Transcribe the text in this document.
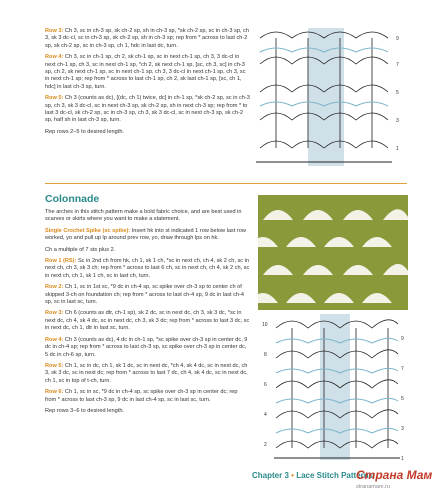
Row 3: Ch 3, sc in ch-3 sp, sk ch-2 sp, sh in ch-3 sp, *sk ch-2 sp, sc in ch-3 sp, ch 3, sk 3 dc-cl, sc in ch-3 sp, sk ch-2 sp, sh in ch-3 sp; rep from * across to last ch-2 sp, sk ch-2 sp, sc in ch-3 sp, ch 1, hdc in last dc, turn.

Row 4: Ch 3, sc in ch-1 sp, ch 2, sk ch-1 sp, sc in next ch-1 sp, ch 3, 3 dc-cl in next ch-1 sp, ch 3, sc in next ch-1 sp, *ch 2, sk next ch-1 sp, [sc, ch 3, sc] in ch-3 sp, ch 2, sk next ch-1 sp, sc in next ch-1 sp, ch 3, 3 dc-cl in next ch-1 sp, ch 3, sc in next ch-1 sp; rep from * across to last ch-1 sp, ch 2, sk last ch-1 sp, [sc, ch 1, hdc] in last ch-3 sp, turn.

Row 5: Ch 3 (counts as dc), [(dc, ch 1) twice, dc] in ch-1 sp, *sk ch-2 sp, sc in ch-3 sp, ch 3, sk 3 dc-cl, sc in next ch-3 sp, sk ch-2 sp, sh in next ch-3 sp; rep from * to last 3 dc-cl, sk ch-2 sp, sc in ch-3 sp, ch 3, sk 3 dc-cl, sc in next ch-3 sp, sk ch-2 sp, half sh in last ch-3 sp, turn.

Rep rows 2–5 to desired length.

9
7
5
3
1
Colonnade

The arches in this stitch pattern make a bold fabric choice, and are best used in scarves or skirts where you want to make a statement.

Single Crochet Spike (sc spike): Insert hk into st indicated 1 row below last row worked, yo and pull up lp around prev row, yo, draw through lps on hk.

Ch a multiple of 7 sts plus 2.

Row 1 (RS): Sc in 2nd ch from hk, ch 1, sk 1 ch, *sc in next ch, ch 4, sk 2 ch, sc in next ch, ch 3, sk 3 ch; rep from * across to last 6 ch, sc in next ch, ch 4, sk 2 ch, sc in next ch, ch 1, sk 1 ch, sc in last ch, turn.

Row 2: Ch 1, sc in 1st sc, *9 dc in ch-4 sp, sc spike over ch-3 sp to center ch of skipped 3-ch on foundation ch; rep from * across to last ch-4 sp, 9 dc in last ch-4 sp, sc in last sc, turn.

Row 3: Ch 6 (counts as dtr, ch-1 sp), sk 2 dc, sc in next dc, ch 3, sk 3 dc, *sc in next dc, ch 4, sk 4 dc, sc in next dc, ch 3, sk 3 dc; rep from * across to last 3 dc, sc in next dc, ch 1, dtr in last sc, turn.

Row 4: Ch 3 (counts as dc), 4 dc in ch-1 sp, *sc spike over ch-3 sp in center dc, 9 dc in ch-4 sp; rep from * across to last ch-3 sp, sc spike over ch-3 sp in center dc, 5 dc in ch-6 sp, turn.

Row 5: Ch 1, sc in dc, ch 1, sk 1 dc, sc in next dc, *ch 4, sk 4 dc, sc in next dc, ch 3, sk 3 dc, sc in next dc; rep from * across to last 7 dc, ch 4, sk 4 dc, sc in next dc, ch 1, sc in top of t-ch, turn.

Row 6: Ch 1, sc in sc, *9 dc in ch-4 sp, sc spike over ch-3 sp in center dc; rep from * across to last ch-3 sp, 9 dc in last ch-4 sp, sc in last sc, turn.

Rep rows 3–6 to desired length.

10
9
8
7
6
5
4
3
2
1
Chapter 3 • Lace Stitch Patterns
Страна Мам
stranamam.ru
